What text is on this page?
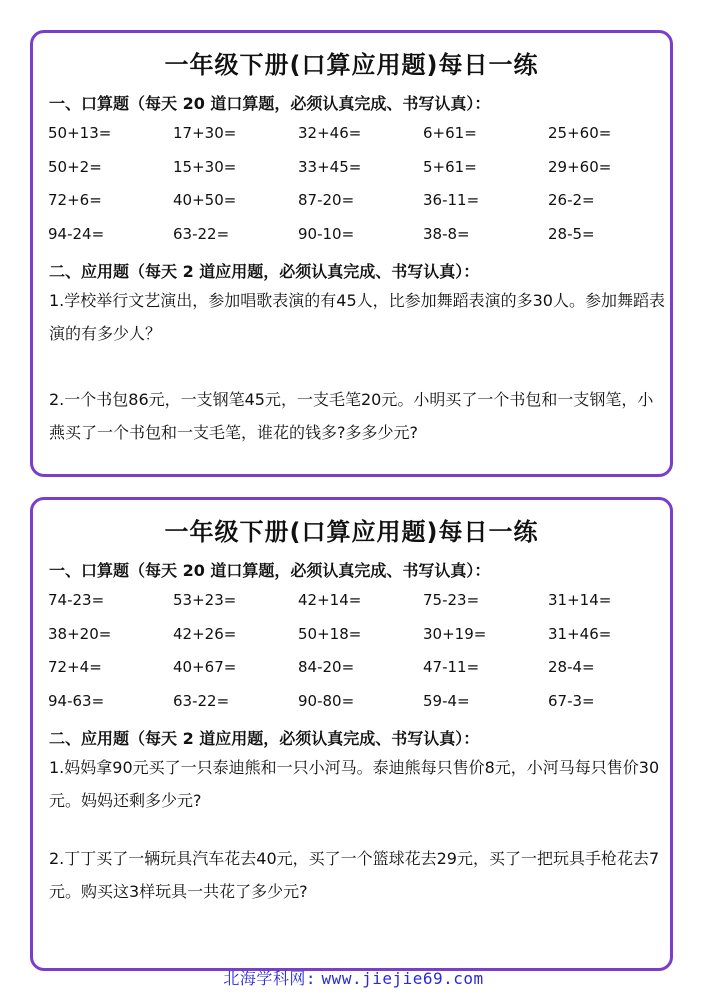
一年级下册(口算应用题)每日一练
一、口算题（每天 20 道口算题，必须认真完成、书写认真）：
50+13=	17+30=	32+46=	6+61=	25+60=
50+2=	15+30=	33+45=	5+61=	29+60=
72+6=	40+50=	87-20=	36-11=	26-2=
94-24=	63-22=	90-10=	38-8=	28-5=
二、应用题（每天 2 道应用题，必须认真完成、书写认真）：
1.学校举行文艺演出，参加唱歌表演的有45人，比参加舞蹈表演的多30人。参加舞蹈表演的有多少人？
2.一个书包86元，一支钢笔45元，一支毛笔20元。小明买了一个书包和一支钢笔，小燕买了一个书包和一支毛笔，谁花的钱多?多多少元?
一年级下册(口算应用题)每日一练
一、口算题（每天 20 道口算题，必须认真完成、书写认真）：
74-23=	53+23=	42+14=	75-23=	31+14=
38+20=	42+26=	50+18=	30+19=	31+46=
72+4=	40+67=	84-20=	47-11=	28-4=
94-63=	63-22=	90-80=	59-4=	67-3=
二、应用题（每天 2 道应用题，必须认真完成、书写认真）：
1.妈妈拿90元买了一只泰迪熊和一只小河马。泰迪熊每只售价8元，小河马每只售价30元。妈妈还剩多少元?
2.丁丁买了一辆玩具汽车花去40元，买了一个篮球花去29元，买了一把玩具手枪花去7元。购买这3样玩具一共花了多少元?
北海学科网: www.jiejie69.com
